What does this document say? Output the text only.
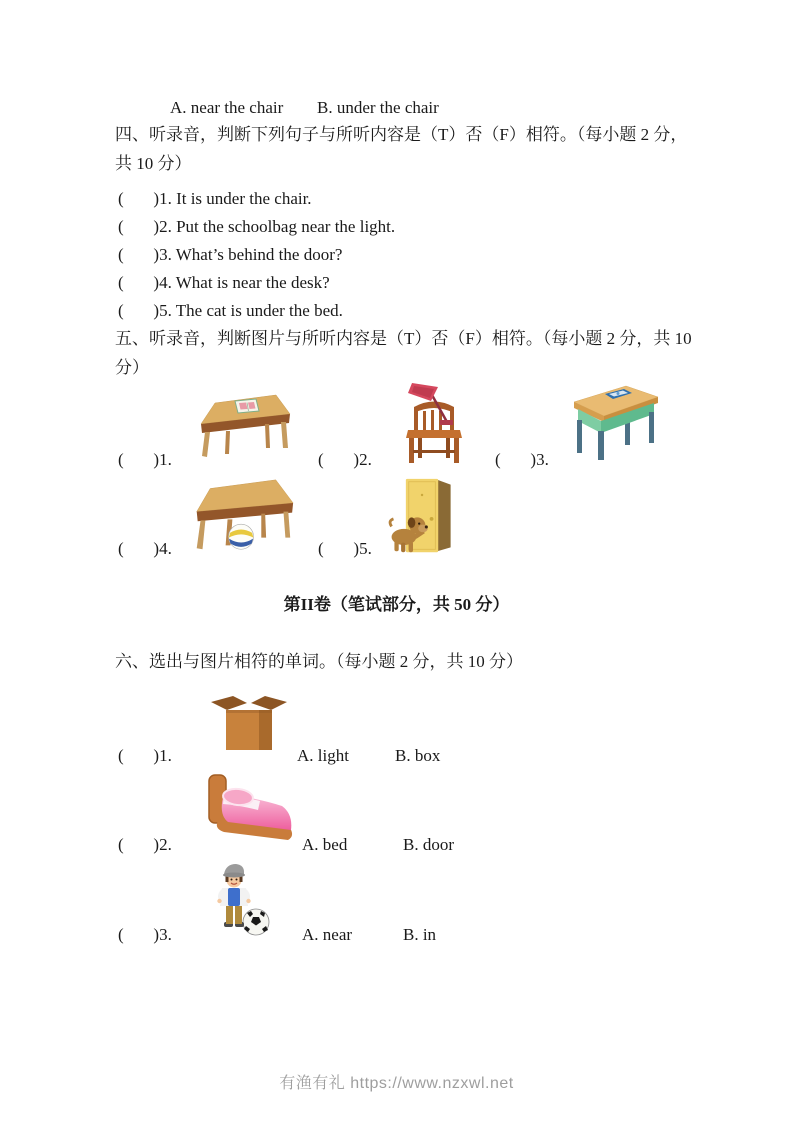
A. near the chair B. under the chair
四、听录音，判断下列句子与所听内容是（T）否（F）相符。（每小题 2 分，
共 10 分）
(       )1. It is under the chair.
(       )2. Put the schoolbag near the light.
(       )3. What’s behind the door?
(       )4. What is near the desk?
(       )5. The cat is under the bed.
五、听录音，判断图片与所听内容是（T）否（F）相符。（每小题 2 分，共 10
分）
(       )1.	(       )2.	(       )3.
(       )4.	(       )5.
第II卷（笔试部分，共 50 分）
六、选出与图片相符的单词。（每小题 2 分，共 10 分）
(       )1.	A. light	B. box
(       )2.	A. bed	B. door
(       )3.	A. near	B. in
有渔有礼 https://www.nzxwl.net
